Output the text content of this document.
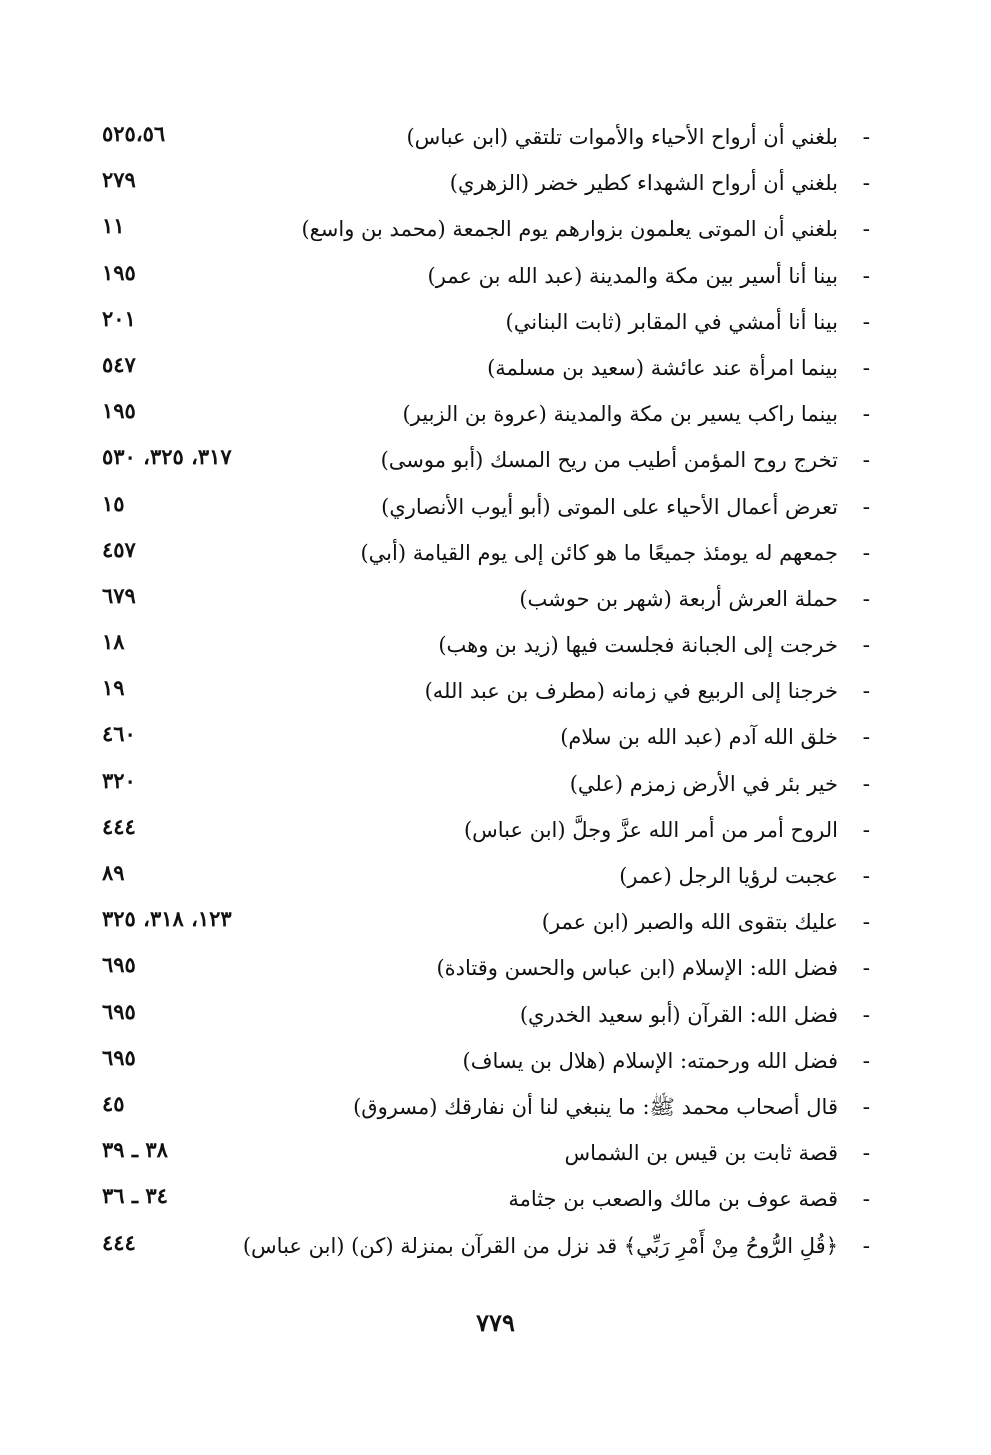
-
بلغني أن أرواح الأحياء والأموات تلتقي (ابن عباس)
٥٢٥،٥٦
-
بلغني أن أرواح الشهداء كطير خضر (الزهري)
٢٧٩
-
بلغني أن الموتى يعلمون بزوارهم يوم الجمعة (محمد بن واسع)
١١
-
بينا أنا أسير بين مكة والمدينة (عبد الله بن عمر)
١٩٥
-
بينا أنا أمشي في المقابر (ثابت البناني)
٢٠١
-
بينما امرأة عند عائشة (سعيد بن مسلمة)
٥٤٧
-
بينما راكب يسير بن مكة والمدينة (عروة بن الزبير)
١٩٥
-
تخرج روح المؤمن أطيب من ريح المسك (أبو موسى)
٣١٧، ٣٢٥، ٥٣٠
-
تعرض أعمال الأحياء على الموتى (أبو أيوب الأنصاري)
١٥
-
جمعهم له يومئذ جميعًا ما هو كائن إلى يوم القيامة (أبي)
٤٥٧
-
حملة العرش أربعة (شهر بن حوشب)
٦٧٩
-
خرجت إلى الجبانة فجلست فيها (زيد بن وهب)
١٨
-
خرجنا إلى الربيع في زمانه (مطرف بن عبد الله)
١٩
-
خلق الله آدم (عبد الله بن سلام)
٤٦٠
-
خير بئر في الأرض زمزم (علي)
٣٢٠
-
الروح أمر من أمر الله عزَّ وجلَّ (ابن عباس)
٤٤٤
-
عجبت لرؤيا الرجل (عمر)
٨٩
-
عليك بتقوى الله والصبر (ابن عمر)
١٢٣، ٣١٨، ٣٢٥
-
فضل الله: الإسلام (ابن عباس والحسن وقتادة)
٦٩٥
-
فضل الله: القرآن (أبو سعيد الخدري)
٦٩٥
-
فضل الله ورحمته: الإسلام (هلال بن يساف)
٦٩٥
-
قال أصحاب محمد ﷺ: ما ينبغي لنا أن نفارقك (مسروق)
٤٥
-
قصة ثابت بن قيس بن الشماس
٣٨ ـ ٣٩
-
قصة عوف بن مالك والصعب بن جثامة
٣٤ ـ ٣٦
-
﴿قُلِ الرُّوحُ مِنْ أَمْرِ رَبِّي﴾ قد نزل من القرآن بمنزلة (كن) (ابن عباس)
٤٤٤
٧٧٩
